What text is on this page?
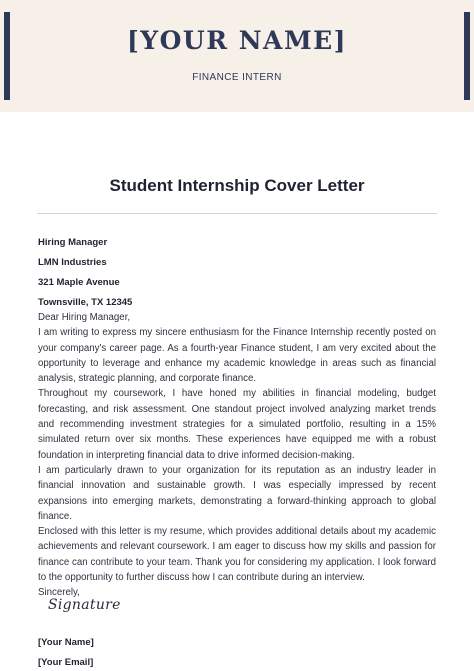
[YOUR NAME]
FINANCE INTERN
Student Internship Cover Letter
Hiring Manager
LMN Industries
321 Maple Avenue
Townsville, TX 12345

Dear Hiring Manager,

I am writing to express my sincere enthusiasm for the Finance Internship recently posted on your company's career page. As a fourth-year Finance student, I am very excited about the opportunity to leverage and enhance my academic knowledge in areas such as financial analysis, strategic planning, and corporate finance.

Throughout my coursework, I have honed my abilities in financial modeling, budget forecasting, and risk assessment. One standout project involved analyzing market trends and recommending investment strategies for a simulated portfolio, resulting in a 15% simulated return over six months. These experiences have equipped me with a robust foundation in interpreting financial data to drive informed decision-making.

I am particularly drawn to your organization for its reputation as an industry leader in financial innovation and sustainable growth. I was especially impressed by recent expansions into emerging markets, demonstrating a forward-thinking approach to global finance.

Enclosed with this letter is my resume, which provides additional details about my academic achievements and relevant coursework. I am eager to discuss how my skills and passion for finance can contribute to your team. Thank you for considering my application. I look forward to the opportunity to further discuss how I can contribute during an interview.

Sincerely,

Signature
[Your Name]
[Your Email]
